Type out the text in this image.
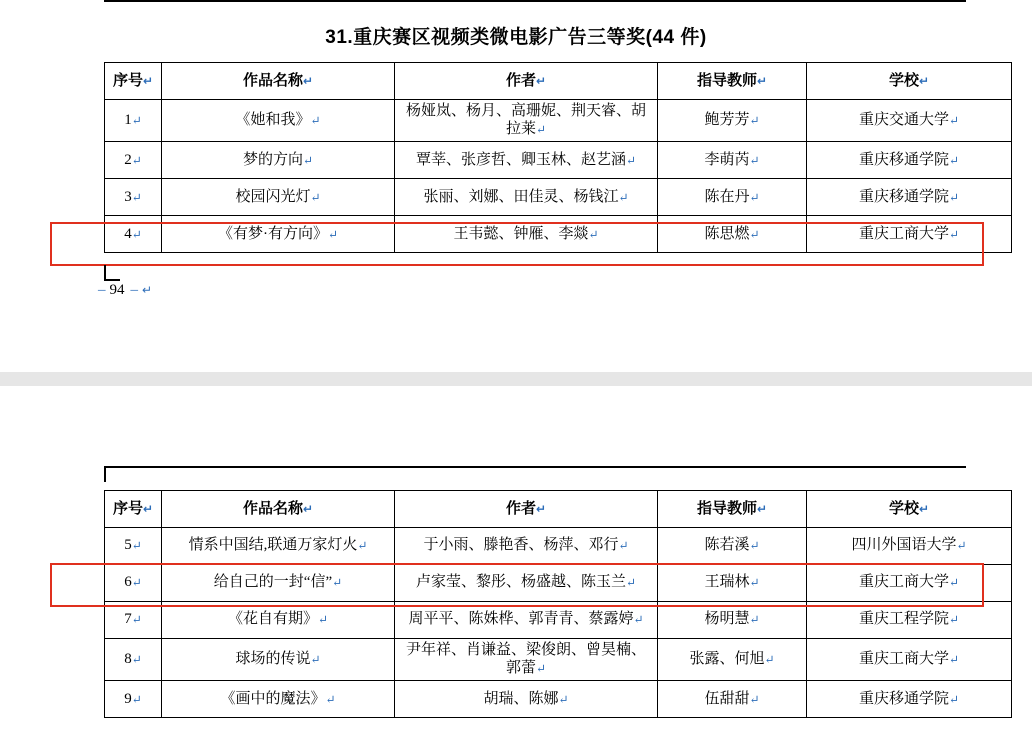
31.重庆赛区视频类微电影广告三等奖(44 件)
序号↵	作品名称↵	作者↵	指导教师↵	学校↵
1↵	《她和我》↵	杨娅岚、杨月、高珊妮、荆天睿、胡拉莱↵	鲍芳芳↵	重庆交通大学↵
2↵	梦的方向↵	覃莘、张彦哲、卿玉林、赵艺涵↵	李萌芮↵	重庆移通学院↵
3↵	校园闪光灯↵	张丽、刘娜、田佳灵、杨钱江↵	陈在丹↵	重庆移通学院↵
4↵	《有梦·有方向》↵	王韦懿、钟雁、李燚↵	陈思燃↵	重庆工商大学↵
– 94 – ↵
序号↵	作品名称↵	作者↵	指导教师↵	学校↵
5↵	情系中国结,联通万家灯火↵	于小雨、滕艳香、杨萍、邓行↵	陈若溪↵	四川外国语大学↵
6↵	给自己的一封“信”↵	卢家莹、黎彤、杨盛越、陈玉兰↵	王瑞林↵	重庆工商大学↵
7↵	《花自有期》↵	周平平、陈姝桦、郭青青、蔡露婷↵	杨明慧↵	重庆工程学院↵
8↵	球场的传说↵	尹年祥、肖谦益、梁俊朗、曾昊楠、郭蕾↵	张露、何旭↵	重庆工商大学↵
9↵	《画中的魔法》↵	胡瑞、陈娜↵	伍甜甜↵	重庆移通学院↵
